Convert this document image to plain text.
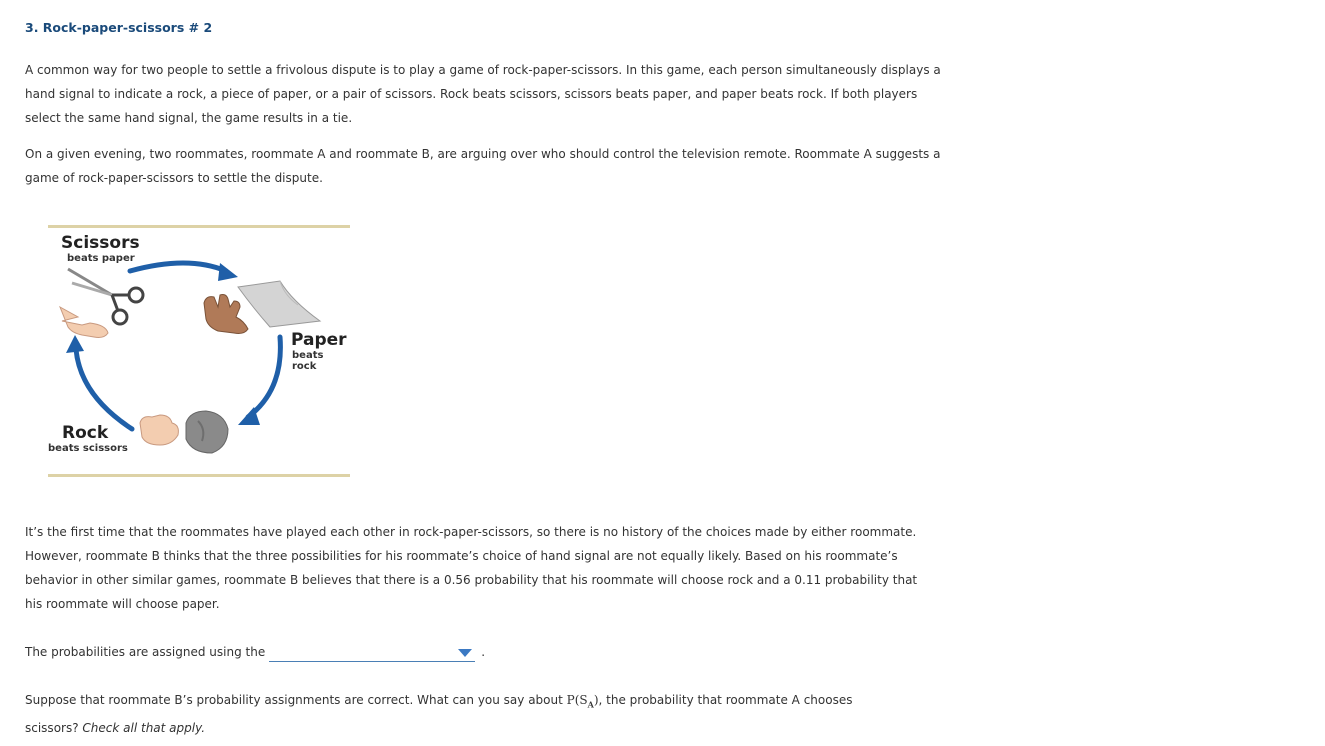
3. Rock-paper-scissors # 2
A common way for two people to settle a frivolous dispute is to play a game of rock-paper-scissors. In this game, each person simultaneously displays a hand signal to indicate a rock, a piece of paper, or a pair of scissors. Rock beats scissors, scissors beats paper, and paper beats rock. If both players select the same hand signal, the game results in a tie.
On a given evening, two roommates, roommate A and roommate B, are arguing over who should control the television remote. Roommate A suggests a game of rock-paper-scissors to settle the dispute.
Scissors
beats paper
Paper
beats rock
Rock
beats scissors
It’s the first time that the roommates have played each other in rock-paper-scissors, so there is no history of the choices made by either roommate. However, roommate B thinks that the three possibilities for his roommate’s choice of hand signal are not equally likely. Based on his roommate’s behavior in other similar games, roommate B believes that there is a 0.56 probability that his roommate will choose rock and a 0.11 probability that his roommate will choose paper.
The probabilities are assigned using the	.
Suppose that roommate B’s probability assignments are correct. What can you say about $P(S_A)$, the probability that roommate A chooses scissors? Check all that apply.
